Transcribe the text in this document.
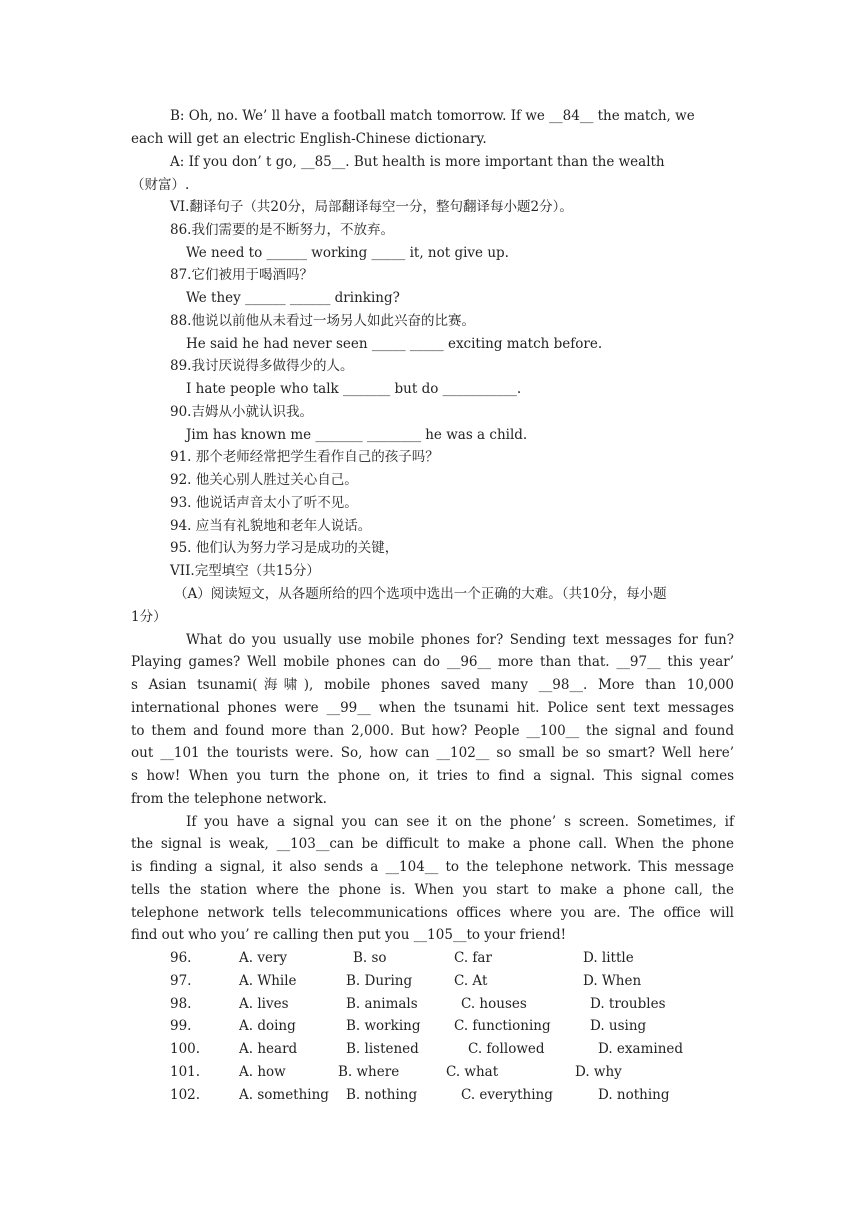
B: Oh, no. We’ ll have a football match tomorrow. If we __84__ the match, we
each will get an electric English-Chinese dictionary.
A: If you don’ t go, __85__. But health is more important than the wealth
（财富）.
VI.翻译句子（共20分，局部翻译每空一分，整句翻译每小题2分）。
86.我们需要的是不断努力，不放弃。
We need to ______ working _____ it, not give up.
87.它们被用于喝酒吗？
We they ______ ______ drinking?
88.他说以前他从未看过一场另人如此兴奋的比赛。
He said he had never seen _____ _____ exciting match before.
89.我讨厌说得多做得少的人。
I hate people who talk _______ but do ___________.
90.吉姆从小就认识我。
Jim has known me _______ ________ he was a child.
91. 那个老师经常把学生看作自己的孩子吗？
92. 他关心别人胜过关心自己。
93. 他说话声音太小了听不见。
94. 应当有礼貌地和老年人说话。
95. 他们认为努力学习是成功的关键，
VII.完型填空（共15分）
（A）阅读短文，从各题所给的四个选项中选出一个正确的大难。（共10分，每小题
1分）
What do you usually use mobile phones for? Sending text messages for fun?
Playing games? Well mobile phones can do __96__ more than that. __97__ this year’
s Asian tsunami(海啸), mobile phones saved many __98__. More than 10,000
international phones were __99__ when the tsunami hit. Police sent text messages
to them and found more than 2,000. But how? People __100__ the signal and found
out __101 the tourists were. So, how can __102__ so small be so smart? Well here’
s how! When you turn the phone on, it tries to find a signal. This signal comes
from the telephone network.
If you have a signal you can see it on the phone’ s screen. Sometimes, if
the signal is weak, __103__can be difficult to make a phone call. When the phone
is finding a signal, it also sends a __104__ to the telephone network. This message
tells the station where the phone is. When you start to make a phone call, the
telephone network tells telecommunications offices where you are. The office will
find out who you’ re calling then put you __105__to your friend!
96.	A. very	B. so	C. far	D. little
97.	A. While	B. During	C. At	D. When
98.	A. lives	B. animals	C. houses	D. troubles
99.	A. doing	B. working C. functioning	D. using
100.	A. heard	B. listened	C. followed	D. examined
101.	A. how	B. where	C. what	D. why
102.	A. something B. nothing	C. everything	D. nothing
